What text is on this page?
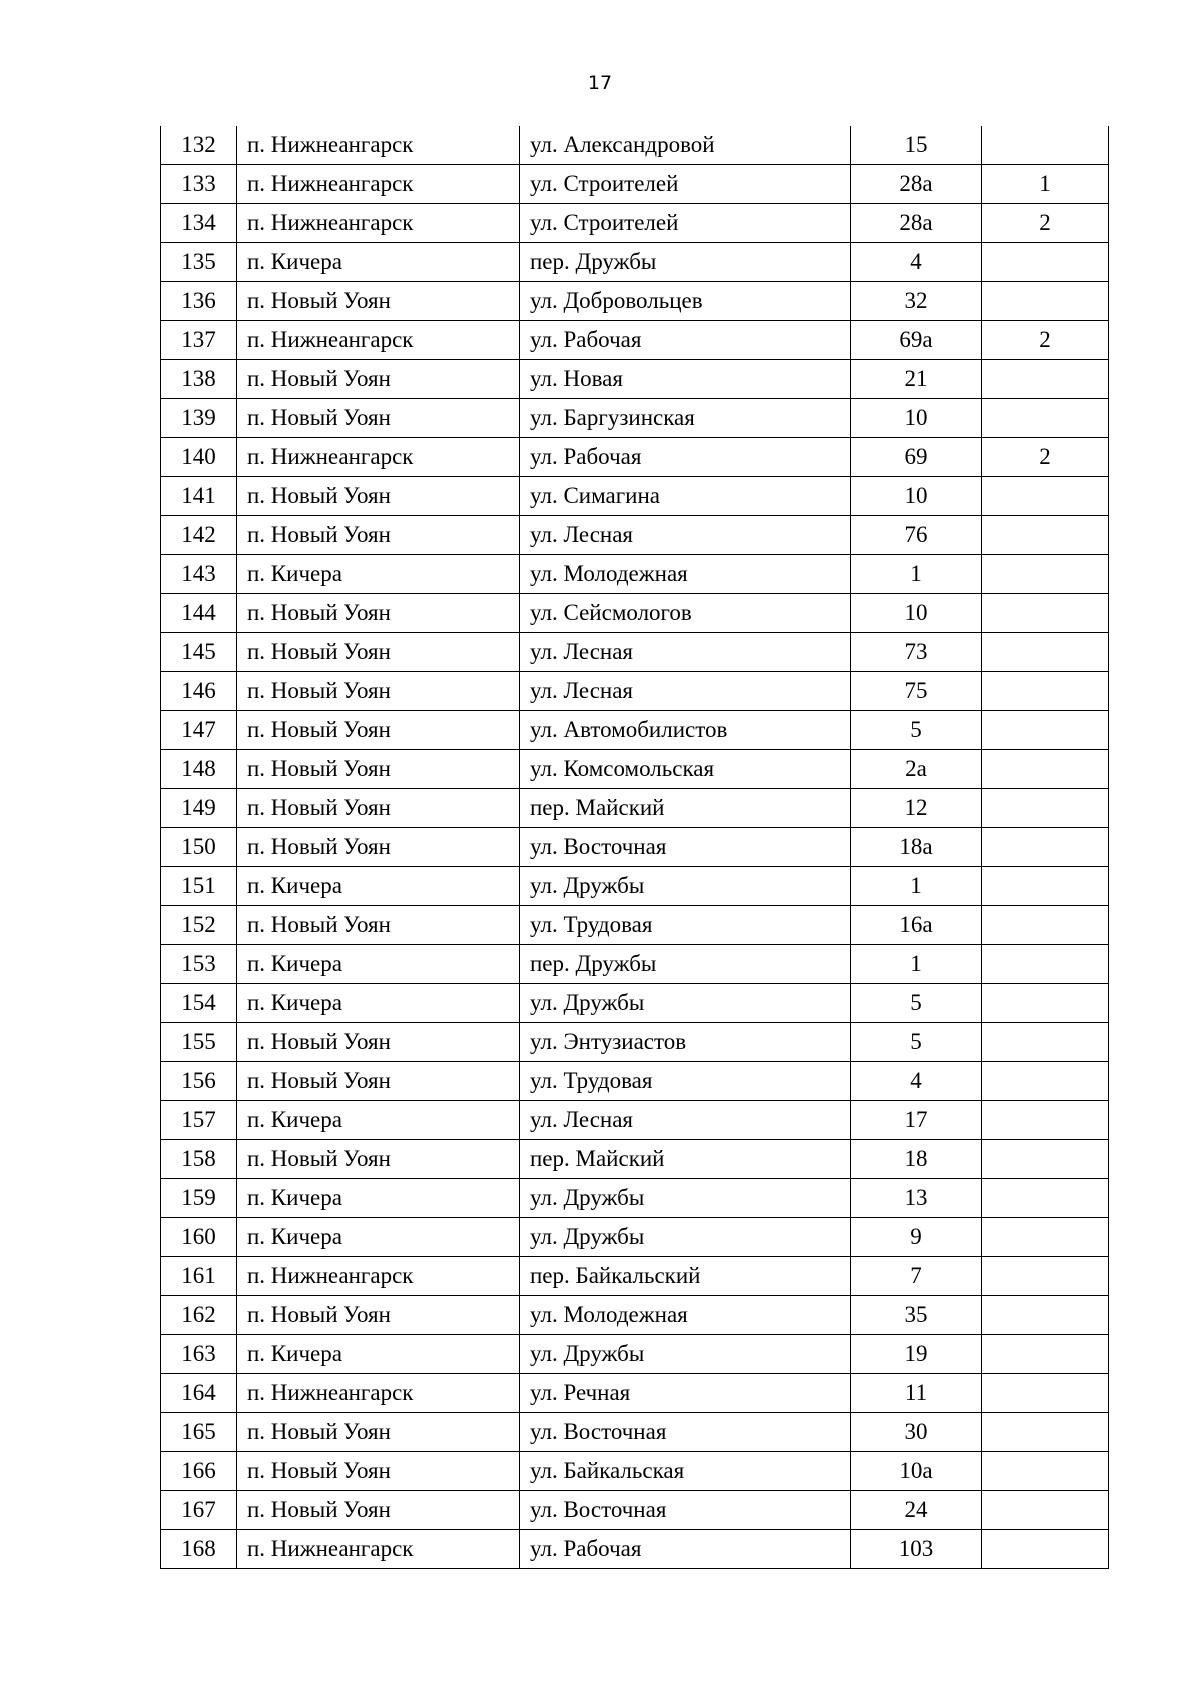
17
132	п. Нижнеангарск	ул. Александровой	15	
133	п. Нижнеангарск	ул. Строителей	28а	1
134	п. Нижнеангарск	ул. Строителей	28а	2
135	п. Кичера	пер. Дружбы	4	
136	п. Новый Уоян	ул. Добровольцев	32	
137	п. Нижнеангарск	ул. Рабочая	69а	2
138	п. Новый Уоян	ул. Новая	21	
139	п. Новый Уоян	ул. Баргузинская	10	
140	п. Нижнеангарск	ул. Рабочая	69	2
141	п. Новый Уоян	ул. Симагина	10	
142	п. Новый Уоян	ул. Лесная	76	
143	п. Кичера	ул. Молодежная	1	
144	п. Новый Уоян	ул. Сейсмологов	10	
145	п. Новый Уоян	ул. Лесная	73	
146	п. Новый Уоян	ул. Лесная	75	
147	п. Новый Уоян	ул. Автомобилистов	5	
148	п. Новый Уоян	ул. Комсомольская	2а	
149	п. Новый Уоян	пер. Майский	12	
150	п. Новый Уоян	ул. Восточная	18а	
151	п. Кичера	ул. Дружбы	1	
152	п. Новый Уоян	ул. Трудовая	16а	
153	п. Кичера	пер. Дружбы	1	
154	п. Кичера	ул. Дружбы	5	
155	п. Новый Уоян	ул. Энтузиастов	5	
156	п. Новый Уоян	ул. Трудовая	4	
157	п. Кичера	ул. Лесная	17	
158	п. Новый Уоян	пер. Майский	18	
159	п. Кичера	ул. Дружбы	13	
160	п. Кичера	ул. Дружбы	9	
161	п. Нижнеангарск	пер. Байкальский	7	
162	п. Новый Уоян	ул. Молодежная	35	
163	п. Кичера	ул. Дружбы	19	
164	п. Нижнеангарск	ул. Речная	11	
165	п. Новый Уоян	ул. Восточная	30	
166	п. Новый Уоян	ул. Байкальская	10а	
167	п. Новый Уоян	ул. Восточная	24	
168	п. Нижнеангарск	ул. Рабочая	103	
